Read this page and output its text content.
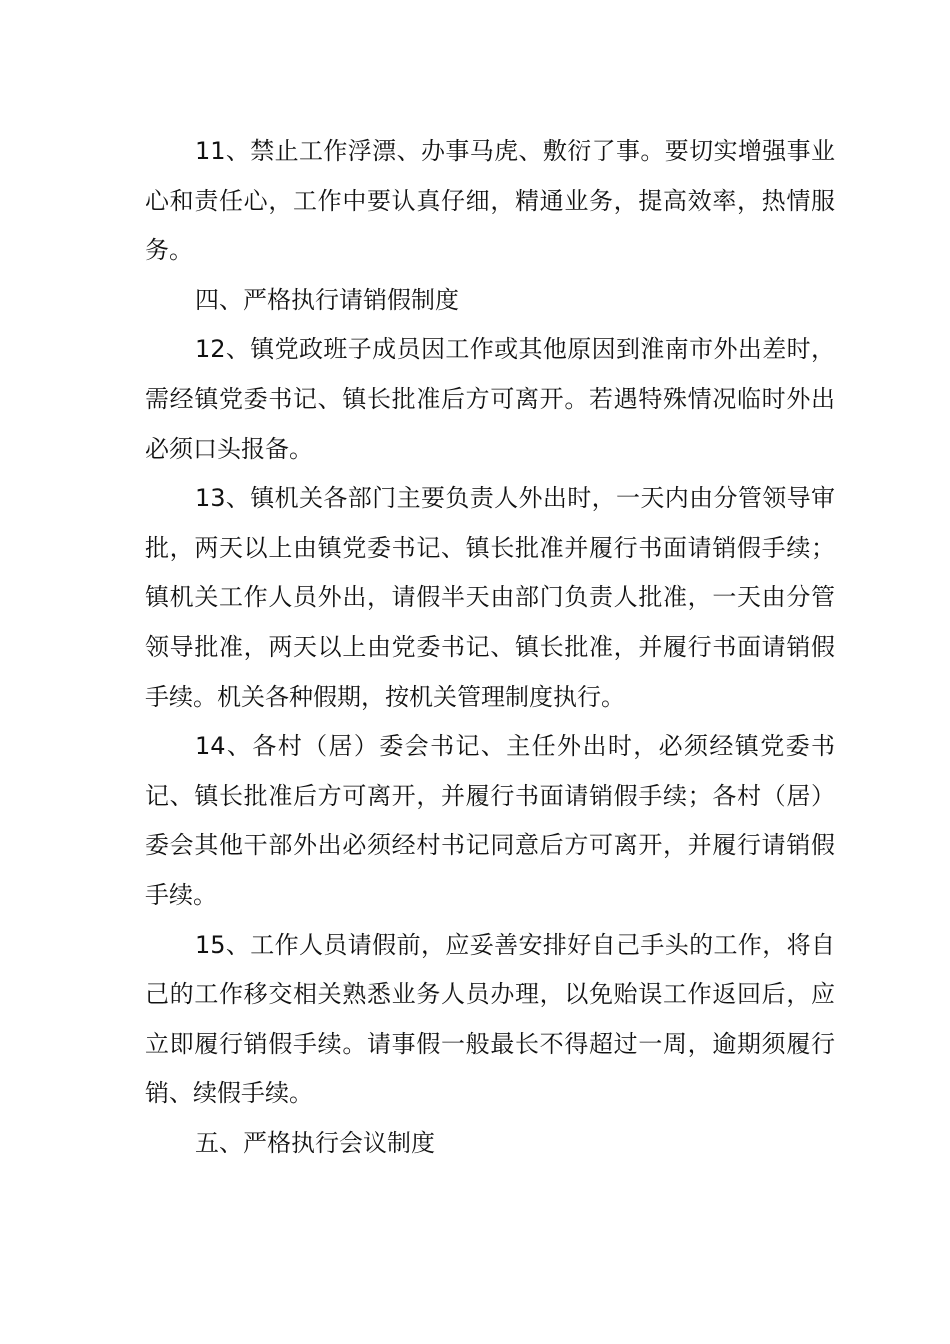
11、禁止工作浮漂、办事马虎、敷衍了事。要切实增强事业心和责任心，工作中要认真仔细，精通业务，提高效率，热情服务。

四、严格执行请销假制度

12、镇党政班子成员因工作或其他原因到淮南市外出差时，需经镇党委书记、镇长批准后方可离开。若遇特殊情况临时外出必须口头报备。

13、镇机关各部门主要负责人外出时，一天内由分管领导审批，两天以上由镇党委书记、镇长批准并履行书面请销假手续；镇机关工作人员外出，请假半天由部门负责人批准，一天由分管领导批准，两天以上由党委书记、镇长批准，并履行书面请销假手续。机关各种假期，按机关管理制度执行。

14、各村（居）委会书记、主任外出时，必须经镇党委书记、镇长批准后方可离开，并履行书面请销假手续；各村（居）委会其他干部外出必须经村书记同意后方可离开，并履行请销假手续。

15、工作人员请假前，应妥善安排好自己手头的工作，将自己的工作移交相关熟悉业务人员办理，以免贻误工作返回后，应立即履行销假手续。请事假一般最长不得超过一周，逾期须履行销、续假手续。

五、严格执行会议制度
